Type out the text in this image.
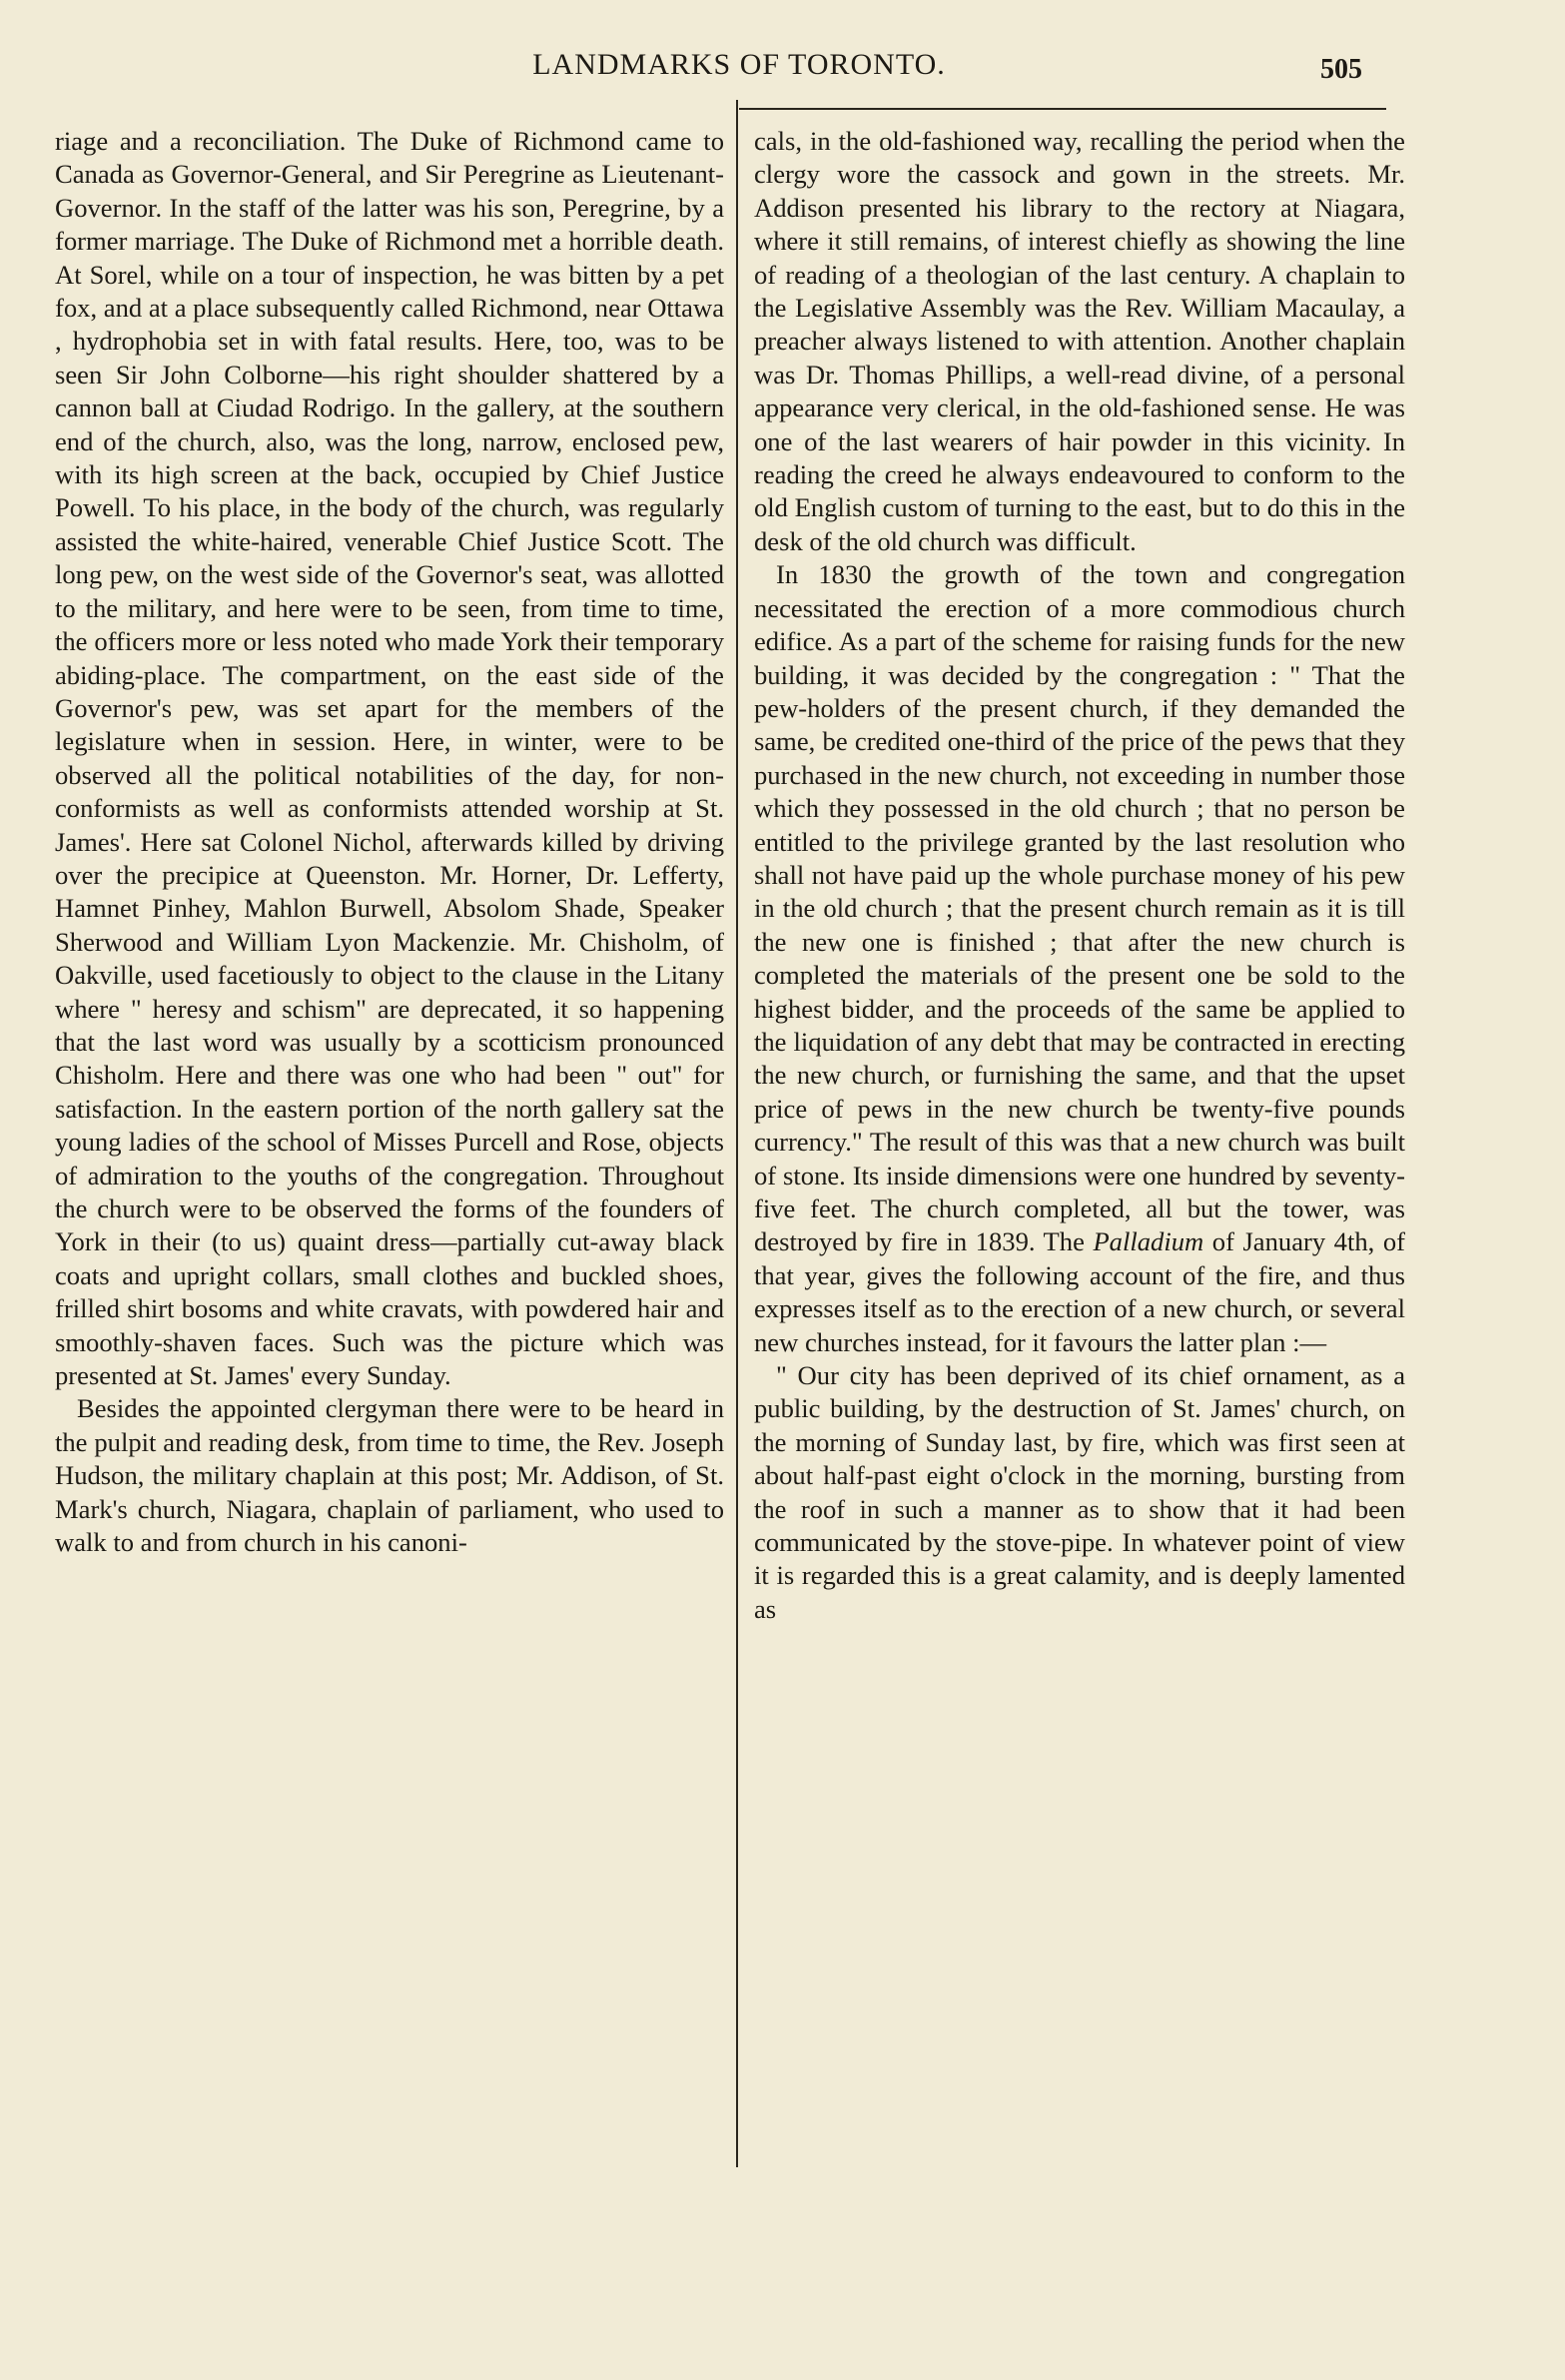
LANDMARKS OF TORONTO.	505

riage and a reconciliation. The Duke of Richmond came to Canada as Governor-General, and Sir Peregrine as Lieutenant-Governor. In the staff of the latter was his son, Peregrine, by a former marriage. The Duke of Richmond met a horrible death. At Sorel, while on a tour of inspection, he was bitten by a pet fox, and at a place subsequently called Richmond, near Ottawa , hydrophobia set in with fatal results. Here, too, was to be seen Sir John Colborne—his right shoulder shattered by a cannon ball at Ciudad Rodrigo. In the gallery, at the southern end of the church, also, was the long, narrow, enclosed pew, with its high screen at the back, occupied by Chief Justice Powell. To his place, in the body of the church, was regularly assisted the white-haired, venerable Chief Justice Scott. The long pew, on the west side of the Governor's seat, was allotted to the military, and here were to be seen, from time to time, the officers more or less noted who made York their temporary abiding-place. The compartment, on the east side of the Governor's pew, was set apart for the members of the legislature when in session. Here, in winter, were to be observed all the political notabilities of the day, for non-conformists as well as conformists attended worship at St. James'. Here sat Colonel Nichol, afterwards killed by driving over the precipice at Queenston. Mr. Horner, Dr. Lefferty, Hamnet Pinhey, Mahlon Burwell, Absolom Shade, Speaker Sherwood and William Lyon Mackenzie. Mr. Chisholm, of Oakville, used facetiously to object to the clause in the Litany where " heresy and schism" are deprecated, it so happening that the last word was usually by a scotticism pronounced Chisholm. Here and there was one who had been " out" for satisfaction. In the eastern portion of the north gallery sat the young ladies of the school of Misses Purcell and Rose, objects of admiration to the youths of the congregation. Throughout the church were to be observed the forms of the founders of York in their (to us) quaint dress—partially cut-away black coats and upright collars, small clothes and buckled shoes, frilled shirt bosoms and white cravats, with powdered hair and smoothly-shaven faces. Such was the picture which was presented at St. James' every Sunday.

Besides the appointed clergyman there were to be heard in the pulpit and reading desk, from time to time, the Rev. Joseph Hudson, the military chaplain at this post; Mr. Addison, of St. Mark's church, Niagara, chaplain of parliament, who used to walk to and from church in his canoni-

cals, in the old-fashioned way, recalling the period when the clergy wore the cassock and gown in the streets. Mr. Addison presented his library to the rectory at Niagara, where it still remains, of interest chiefly as showing the line of reading of a theologian of the last century. A chaplain to the Legislative Assembly was the Rev. William Macaulay, a preacher always listened to with attention. Another chaplain was Dr. Thomas Phillips, a well-read divine, of a personal appearance very clerical, in the old-fashioned sense. He was one of the last wearers of hair powder in this vicinity. In reading the creed he always endeavoured to conform to the old English custom of turning to the east, but to do this in the desk of the old church was difficult.

In 1830 the growth of the town and congregation necessitated the erection of a more commodious church edifice. As a part of the scheme for raising funds for the new building, it was decided by the congregation : " That the pew-holders of the present church, if they demanded the same, be credited one-third of the price of the pews that they purchased in the new church, not exceeding in number those which they possessed in the old church ; that no person be entitled to the privilege granted by the last resolution who shall not have paid up the whole purchase money of his pew in the old church ; that the present church remain as it is till the new one is finished ; that after the new church is completed the materials of the present one be sold to the highest bidder, and the proceeds of the same be applied to the liquidation of any debt that may be contracted in erecting the new church, or furnishing the same, and that the upset price of pews in the new church be twenty-five pounds currency." The result of this was that a new church was built of stone. Its inside dimensions were one hundred by seventy-five feet. The church completed, all but the tower, was destroyed by fire in 1839. The Palladium of January 4th, of that year, gives the following account of the fire, and thus expresses itself as to the erection of a new church, or several new churches instead, for it favours the latter plan :—

" Our city has been deprived of its chief ornament, as a public building, by the destruction of St. James' church, on the morning of Sunday last, by fire, which was first seen at about half-past eight o'clock in the morning, bursting from the roof in such a manner as to show that it had been communicated by the stove-pipe. In whatever point of view it is regarded this is a great calamity, and is deeply lamented as
